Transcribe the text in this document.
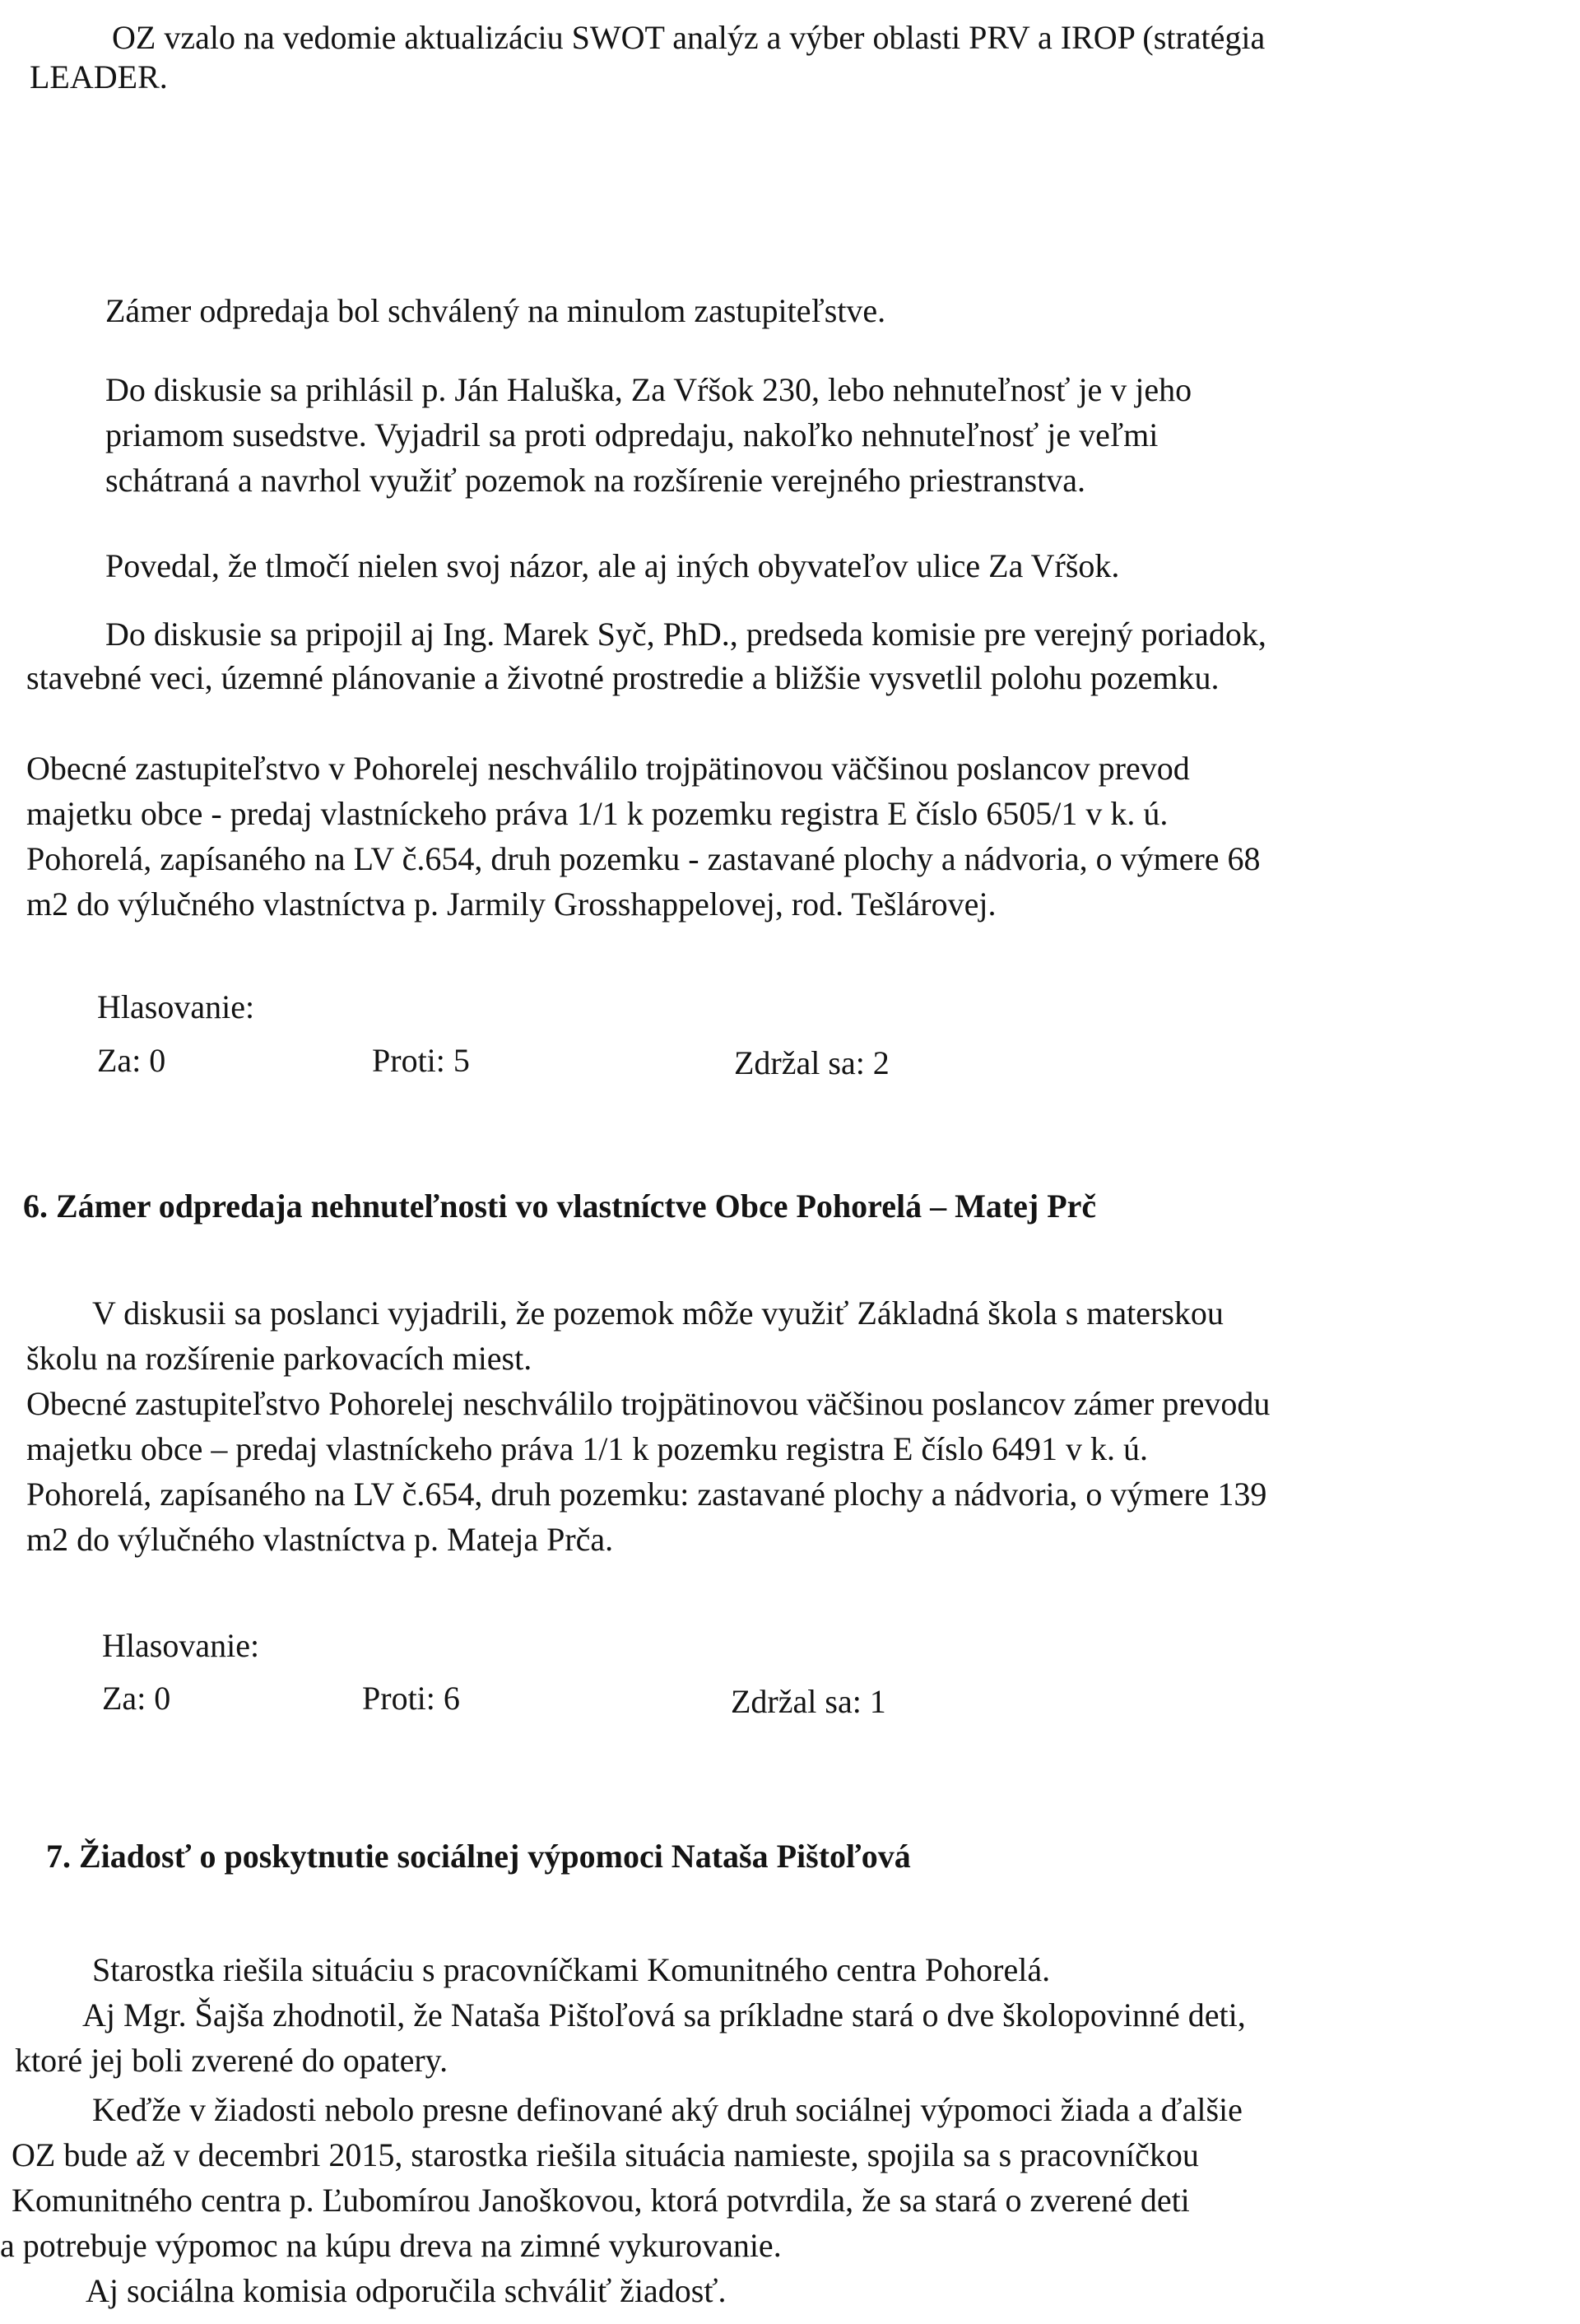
OZ vzalo na vedomie aktualizáciu SWOT analýz a výber oblasti PRV a IROP (stratégia

LEADER.

Zámer odpredaja bol schválený na minulom zastupiteľstve.

Do diskusie sa prihlásil p. Ján Haluška, Za Vŕšok 230, lebo nehnuteľnosť je v jeho

priamom susedstve. Vyjadril sa proti odpredaju, nakoľko nehnuteľnosť je veľmi

schátraná a navrhol využiť pozemok na rozšírenie verejného priestranstva.

Povedal, že tlmočí nielen svoj názor, ale aj iných obyvateľov ulice Za Vŕšok.

Do diskusie sa pripojil aj Ing. Marek Syč, PhD., predseda komisie pre verejný poriadok,

stavebné veci, územné plánovanie a životné prostredie a bližšie vysvetlil polohu pozemku.

Obecné zastupiteľstvo v Pohorelej neschválilo trojpätinovou väčšinou poslancov prevod

majetku obce - predaj vlastníckeho práva 1/1 k pozemku registra E číslo 6505/1 v k. ú.

Pohorelá, zapísaného na LV č.654, druh pozemku - zastavané plochy a nádvoria, o výmere 68

m2 do výlučného vlastníctva p. Jarmily Grosshappelovej, rod. Tešlárovej.

Hlasovanie:

Za: 0	Proti: 5	Zdržal sa: 2

6. Zámer odpredaja nehnuteľnosti vo vlastníctve Obce Pohorelá – Matej Prč

V diskusii sa poslanci vyjadrili, že pozemok môže využiť Základná škola s materskou

školu na rozšírenie parkovacích miest.

Obecné zastupiteľstvo Pohorelej neschválilo trojpätinovou väčšinou poslancov zámer prevodu

majetku obce – predaj vlastníckeho práva 1/1 k pozemku registra E číslo 6491 v k. ú.

Pohorelá, zapísaného na LV č.654, druh pozemku: zastavané plochy a nádvoria, o výmere 139

m2 do výlučného vlastníctva p. Mateja Prča.

Hlasovanie:

Za: 0	Proti: 6	Zdržal sa: 1

7. Žiadosť o poskytnutie sociálnej výpomoci Nataša Pištoľová

Starostka riešila situáciu s pracovníčkami Komunitného centra Pohorelá.

Aj Mgr. Šajša zhodnotil, že Nataša Pištoľová sa príkladne stará o dve školopovinné deti,

ktoré jej boli zverené do opatery.

Keďže v žiadosti nebolo presne definované aký druh sociálnej výpomoci žiada a ďalšie

OZ bude až v decembri 2015, starostka riešila situácia namieste, spojila sa s pracovníčkou

Komunitného centra p. Ľubomírou Janoškovou, ktorá potvrdila, že sa stará o zverené deti

a potrebuje výpomoc na kúpu dreva na zimné vykurovanie.

Aj sociálna komisia odporučila schváliť žiadosť.
